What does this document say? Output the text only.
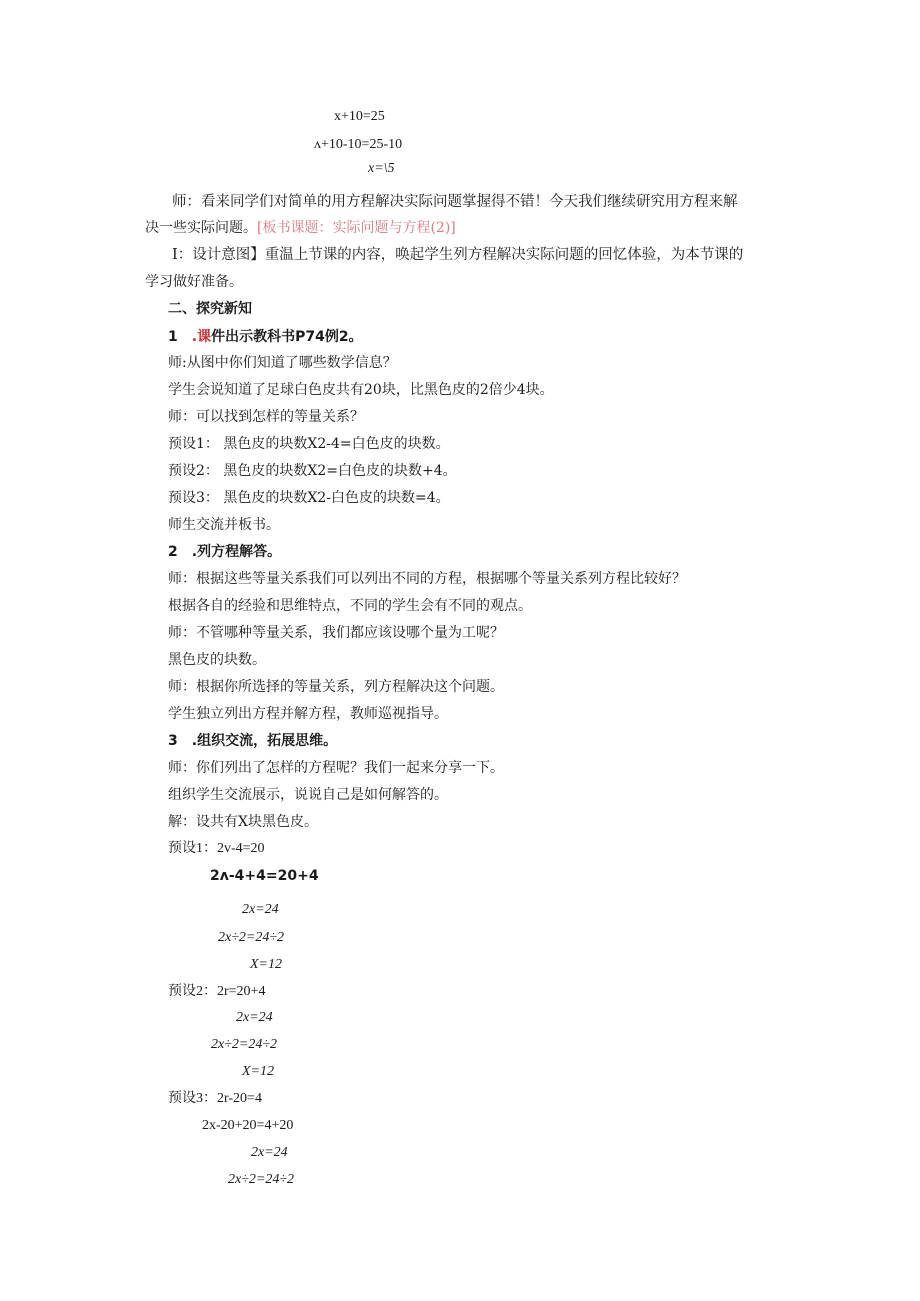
x+10=25
ʌ+10-10=25-10
x=\5
师：看来同学们对简单的用方程解决实际问题掌握得不错！今天我们继续研究用方程来解
决一些实际问题。[板书课题：实际问题与方程(2)]
I：设计意图】重温上节课的内容，唤起学生列方程解决实际问题的回忆体验，为本节课的
学习做好准备。
二、探究新知
1 .课件出示教科书P74例2。
师:从图中你们知道了哪些数学信息？
学生会说知道了足球白色皮共有20块，比黑色皮的2倍少4块。
师：可以找到怎样的等量关系？
预设1： 黑色皮的块数X2-4=白色皮的块数。
预设2： 黑色皮的块数X2=白色皮的块数+4。
预设3： 黑色皮的块数X2-白色皮的块数=4。
师生交流并板书。
2 .列方程解答。
师：根据这些等量关系我们可以列出不同的方程，根据哪个等量关系列方程比较好？
根据各自的经验和思维特点，不同的学生会有不同的观点。
师：不管哪种等量关系，我们都应该设哪个量为工呢？
黑色皮的块数。
师：根据你所选择的等量关系，列方程解决这个问题。
学生独立列出方程并解方程，教师巡视指导。
3 .组织交流，拓展思维。
师：你们列出了怎样的方程呢？我们一起来分享一下。
组织学生交流展示，说说自己是如何解答的。
解：设共有X块黑色皮。
预设1：2v-4=20
2ʌ-4+4=20+4
2x=24
2x÷2=24÷2
X=12
预设2：2r=20+4
2x=24
2x÷2=24÷2
X=12
预设3：2r-20=4
2x-20+20=4+20
2x=24
2x÷2=24÷2
